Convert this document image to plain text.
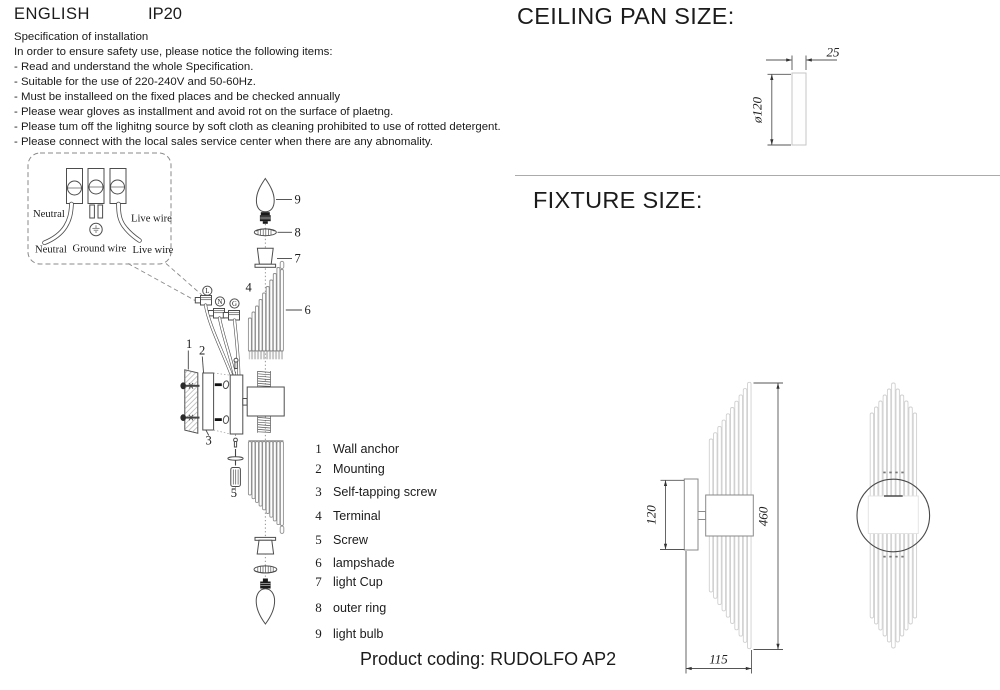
ENGLISH	IP20
Specification of installation
In order to ensure safety use, please notice the following items:
- Read and understand the whole Specification.
- Suitable for the use of 220-240V and 50-60Hz.
- Must be installeed on the fixed places and be checked annually
- Please wear gloves as installment and avoid rot on the surface of plaetng.
- Please tum off the lighitng source by soft cloth as cleaning prohibited to use of rotted detergent.
- Please connect with the local sales service center when there are any abnomality.
CEILING PAN SIZE:
FIXTURE SIZE:
Product coding: RUDOLFO AP2
1 Wall anchor
2 Mounting
3 Self-tapping screw
4 Terminal
5 Screw
6 lampshade
7 light Cup
8 outer ring
9 light bulb
Neutral
Neutral Ground wire
Live wire
Live wire
9
8
7
6
L
N G
4
1 2
3
5
25
ø120
120	460
115
